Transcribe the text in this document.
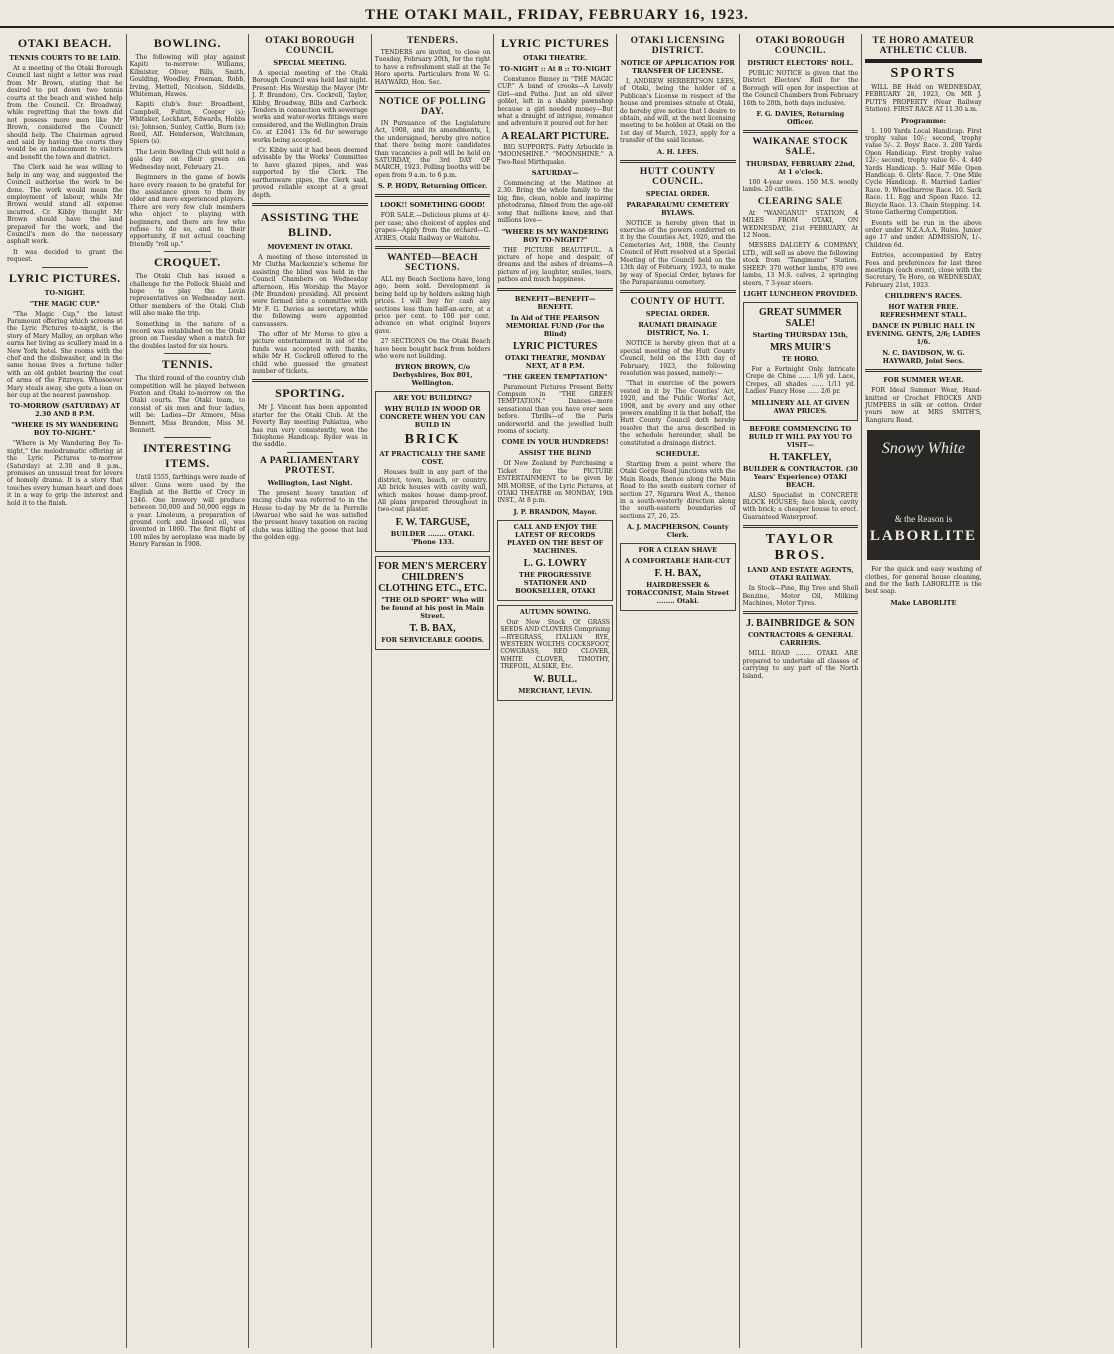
THE OTAKI MAIL, FRIDAY, FEBRUARY 16, 1923.
OTAKI BEACH.
TENNIS COURTS TO BE LAID.

At a meeting of the Otaki Borough Council last night a letter was read from Mr Brown, stating that he desired to put down two tennis courts at the beach and wished help from the Council. Cr. Broadway, while regretting that the town did not possess more men like Mr Brown, considered the Council should help. The Chairman agreed and said by having the courts they would be an inducement to visitors and benefit the town and district.

The Clerk said he was willing to help in any way, and suggested the Council authorise the work to be done. The work would mean the employment of labour, while Mr Brown would stand all expense incurred. Cr. Kibby thought Mr Brown should have the land prepared for the work, and the Council's men do the necessary asphalt work.

It was decided to grant the request.

LYRIC PICTURES.
TO-NIGHT.
"THE MAGIC CUP."

"The Magic Cup," the latest Paramount offering which screens at the Lyric Pictures to-night, is the story of Mary Malloy, an orphan who earns her living as scullery maid in a New York hotel. She rooms with the chef and the dishwasher, and in the same house lives a fortune teller with an old goblet bearing the coat of arms of the Fitzroys. Whosoever Mary steals away, she gets a loan on her cup at the nearest pawnshop.

TO-MORROW (SATURDAY) AT 2.30 AND 8 P.M.
"WHERE IS MY WANDERING BOY TO-NIGHT."

"Where is My Wandering Boy To-night," the melodramatic offering at the Lyric Pictures to-morrow (Saturday) at 2.30 and 8 p.m., promises an unusual treat for lovers of homely drama. It is a story that touches every human heart and does it in a way to grip the interest and hold it to the finish.

BOWLING.

The following will play against Kapiti to-morrow: Williams, Kilmister, Oliver, Bills, Smith, Goulding, Woodley, Freeman, Robb, Irving, Mettell, Nicolson, Siddells, Whiteman, Hawes.

Kapiti club's four: Broadbent, Campbell, Fulton, Cooper (s); Whitaker, Lockhart, Edwards, Hobbs (s); Johnson, Sunley, Cattle, Burn (s); Reed, Alf. Henderson, Watchman, Spiers (s).

The Levin Bowling Club will hold a gala day on their green on Wednesday next, February 21.

Beginners in the game of bowls have every reason to be grateful for the assistance given to them by older and more experienced players. There are very few club members who object to playing with beginners, and there are few who refuse to do so, and to their opportunity, if not actual coaching friendly "roll up."

CROQUET.

The Otaki Club has issued a challenge for the Pollock Shield and hope to play the Levin representatives on Wednesday next. Other members of the Otaki Club will also make the trip.

Something in the nature of a record was established on the Otaki green on Tuesday when a match for the doubles lasted for six hours.

TENNIS.

The third round of the country club competition will be played between Foxton and Otaki to-morrow on the Otaki courts. The Otaki team, to consist of six men and four ladies, will be: Ladies—Dr Atmore, Miss Bennett, Miss Brandon, Miss M. Bennett.

INTERESTING ITEMS.

Until 1555, farthings were made of silver. Guns were used by the English at the Battle of Crecy in 1346. One brewery will produce between 50,000 and 50,000 eggs in a year. Linoleum, a preparation of ground cork and linseed oil, was invented in 1860. The first flight of 100 miles by aeroplane was made by Henry Farman in 1908.

OTAKI BOROUGH COUNCIL
SPECIAL MEETING.

A special meeting of the Otaki Borough Council was held last night. Present: His Worship the Mayor (Mr J. P. Brandon), Crs. Cockrell, Taylor, Kibby, Broadway, Bills and Carbeck. Tenders in connection with sewerage works and water-works fittings were considered, and the Wellington Drain Co. at £2041 13s 6d for sewerage works being accepted.

Cr. Kibby said it had been deemed advisable by the Works' Committee to have glazed pipes, and was supported by the Clerk. The earthenware pipes, the Clerk said, proved reliable except at a great depth.

ASSISTING THE BLIND.
MOVEMENT IN OTAKI.

A meeting of those interested in Mr Clutha Mackenzie's scheme for assisting the blind was held in the Council Chambers on Wednesday afternoon, His Worship the Mayor (Mr Brandon) presiding. All present were formed into a committee with Mr F. G. Davies as secretary, while the following were appointed canvassers.

The offer of Mr Morse to give a picture entertainment in aid of the funds was accepted with thanks, while Mr H. Cockrell offered to the child who guessed the greatest number of tickets.

SPORTING.

Mr J. Vincent has been appointed starter for the Otaki Club. At the Feverty Bay meeting Pahiatua, who has run very consistently, won the Telephone Handicap. Ryder was in the saddle.

A PARLIAMENTARY PROTEST.
Wellington, Last Night.

The present heavy taxation of racing clubs was referred to in the House to-day by Mr de la Perrelle (Awarua) who said he was satisfied the present heavy taxation on racing clubs was killing the goose that laid the golden egg.

TENDERS.

TENDERS are invited, to close on Tuesday, February 20th, for the right to have a refreshment stall at the Te Horo sports. Particulars from W. G. HAYWARD, Hon. Sec.

NOTICE OF POLLING DAY.

IN Pursuance of the Legislature Act, 1908, and its amendments, I, the undersigned, hereby give notice that there being more candidates than vacancies a poll will be held on SATURDAY, the 3rd DAY OF MARCH, 1923. Polling booths will be open from 9 a.m. to 6 p.m.

S. P. HODY, Returning Officer.
LOOK!! SOMETHING GOOD!

FOR SALE.—Delicious plums at 4/- per case; also choicest of apples and grapes—Apply from the orchard—G. AYRES, Otaki Railway or Waitohu.

WANTED—BEACH SECTIONS.

ALL my Beach Sections have, long ago, been sold. Development is being held up by holders asking high prices. I will buy for cash any sections less than half-an-acre, at a price per cent. to 100 per cent. advance on what original buyers gave.

27 SECTIONS On the Otaki Beach have been bought back from holders who were not building.

BYRON BROWN, C/o Derbyshires, Box 801, Wellington.
ARE YOU BUILDING?
WHY BUILD IN WOOD OR CONCRETE WHEN YOU CAN BUILD IN
BRICK
AT PRACTICALLY THE SAME COST.

Houses built in any part of the district, town, beach, or country. All brick houses with cavity wall, which makes house damp-proof. All plans prepared throughout in two-coat plaster.

F. W. TARGUSE,
BUILDER ........ OTAKI. 'Phone 133.
FOR MEN'S MERCERY CHILDREN'S CLOTHING ETC., ETC.
"THE OLD SPORT" Who will be found at his post in Main Street.
T. B. BAX,
FOR SERVICEABLE GOODS.
LYRIC PICTURES
OTAKI THEATRE.
TO-NIGHT :: At 8 :: TO-NIGHT

Constance Binney in "THE MAGIC CUP." A band of crooks—A Lovely Girl—and Pathe. Just an old silver goblet, left in a shabby pawnshop because a girl needed money—But what a draught of intrigue, romance and adventure it poured out for her.

A REALART PICTURE.

BIG SUPPORTS. Fatty Arbuckle in "MOONSHINE." "MOONSHINE." A Two-Reel Mirthquake.

SATURDAY—

Commencing at the Matinee at 2.30. Bring the whole family to the big, fine, clean, noble and inspiring photodrama, filmed from the age-old song that millions know, and that millions love—

"WHERE IS MY WANDERING BOY TO-NIGHT?"

THE PICTURE BEAUTIFUL. A picture of hope and despair, of dreams and the ashes of dreams—A picture of joy, laughter, smiles, tears, pathos and much happiness.

BENEFIT—BENEFIT—BENEFIT.
In Aid of THE PEARSON MEMORIAL FUND (For the Blind)
LYRIC PICTURES
OTAKI THEATRE, MONDAY NEXT, AT 8 P.M.
"THE GREEN TEMPTATION"

Paramount Pictures Present Betty Compson in "THE GREEN TEMPTATION." Dances—more sensational than you have ever seen before. Thrills—of the Paris underworld and the jewelled built rooms of society.

COME IN YOUR HUNDREDS!
ASSIST THE BLIND

Of New Zealand by Purchasing a Ticket for the PICTURE ENTERTAINMENT to be given by MR MORSE, of the Lyric Pictures, at OTAKI THEATRE on MONDAY, 19th INST., At 8 p.m.

J. P. BRANDON, Mayor.
CALL AND ENJOY THE LATEST OF RECORDS PLAYED ON THE BEST OF MACHINES.
L. G. LOWRY
THE PROGRESSIVE STATIONER AND BOOKSELLER, OTAKI
AUTUMN SOWING.

Our New Stock Of GRASS SEEDS AND CLOVERS Comprising—RYEGRASS, ITALIAN RYE, WESTERN WOLTHS COCKSFOOT, COWGRASS, RED CLOVER, WHITE CLOVER, TIMOTHY, TREFOIL, ALSIKE, Etc.

W. BULL.
MERCHANT, LEVIN.
OTAKI LICENSING DISTRICT.
NOTICE OF APPLICATION FOR TRANSFER OF LICENSE.

I, ANDREW HERBERTSON LEES, of Otaki, being the holder of a Publican's License in respect of the house and premises situate at Otaki, do hereby give notice that I desire to obtain, and will, at the next licensing meeting to be holden at Otaki on the 1st day of March, 1923, apply for a transfer of the said license.

A. H. LEES.
HUTT COUNTY COUNCIL.
SPECIAL ORDER.
PARAPARAUMU CEMETERY BYLAWS.

NOTICE is hereby given that in exercise of the powers conferred on it by the Counties Act, 1920, and the Cemeteries Act, 1908, the County Council of Hutt resolved at a Special Meeting of the Council held on the 13th day of February, 1923, to make by way of Special Order, bylaws for the Paraparaumu cemetery.

COUNTY OF HUTT.
SPECIAL ORDER.
RAUMATI DRAINAGE DISTRICT, No. 1.

NOTICE is hereby given that at a special meeting of the Hutt County Council, held on the 13th day of February, 1923, the following resolution was passed, namely:—

"That in exercise of the powers vested in it by The Counties' Act, 1920, and the Public Works' Act, 1908, and by every and any other powers enabling it in that behalf, the Hutt County Council doth hereby resolve that the area described in the schedule hereunder, shall be constituted a drainage district.

SCHEDULE.

Starting from a point where the Otaki Gorge Road junctions with the Main Roads, thence along the Main Road to the south eastern corner of section 27, Ngarara West A., thence in a south-westerly direction along the south-eastern boundaries of sections 27, 26, 25.

A. J. MACPHERSON, County Clerk.
FOR A CLEAN SHAVE
A COMFORTABLE HAIR-CUT
F. H. BAX,
HAIRDRESSER & TOBACCONIST, Main Street ........ Otaki.
OTAKI BOROUGH COUNCIL.
DISTRICT ELECTORS' ROLL.

PUBLIC NOTICE is given that the District Electors' Roll for the Borough will open for inspection at the Council Chambers from February 16th to 20th, both days inclusive.

F. G. DAVIES, Returning Officer.
WAIKANAE STOCK SALE.
THURSDAY, FEBRUARY 22nd, At 1 o'clock.

100 4-year ewes. 150 M.S. woolly lambs. 20 cattle.

CLEARING SALE

At "WANGANUI" STATION, 4 MILES FROM OTAKI, ON WEDNESDAY, 21st FEBRUARY, At 12 Noon.

MESSRS DALGETY & COMPANY, LTD., will sell as above the following stock from "Tangimanu" Station. SHEEP: 370 wether lambs, 870 ewe lambs, 13 M.S. calves, 2 springing steers, 7 3-year steers.

LIGHT LUNCHEON PROVIDED.
GREAT SUMMER SALE!
Starting THURSDAY 15th,
MRS MUIR'S
TE HORO.

For a Fortnight Only. Intricate Crepe de Chine ...... 1/6 yd. Lace, Crepes, all shades ...... 1/11 yd. Ladies' Fancy Hose ...... 2/6 pr.

MILLINERY ALL AT GIVEN AWAY PRICES.
BEFORE COMMENCING TO BUILD IT WILL PAY YOU TO VISIT—
H. TAKFLEY,
BUILDER & CONTRACTOR. (30 Years' Experience) OTAKI BEACH.

ALSO Specialist in CONCRETE BLOCK HOUSES; face block, cavity with brick; a cheaper house to erect. Guaranteed Waterproof.

TAYLOR BROS.
LAND AND ESTATE AGENTS, OTAKI RAILWAY.

In Stock—Pine, Big Tree and Shell Benzine, Motor Oil, Milking Machines, Motor Tyres.

J. BAINBRIDGE & SON
CONTRACTORS & GENERAL CARRIERS.

MILL ROAD ........ OTAKI. ARE prepared to undertake all classes of carrying to any part of the North Island.

TE HORO AMATEUR ATHLETIC CLUB.
SPORTS

WILL BE Held on WEDNESDAY, FEBRUARY 28, 1923, On MR J. PUTI'S PROPERTY (Near Railway Station). FIRST RACE AT 11.30 a.m.

Programme:

1. 100 Yards Local Handicap. First trophy value 10/-; second, trophy value 5/-. 2. Boys' Race. 3. 200 Yards Open Handicap. First trophy value 12/-; second, trophy value 6/-. 4. 440 Yards Handicap. 5. Half Mile Open Handicap. 6. Girls' Race. 7. One Mile Cycle Handicap. 8. Married Ladies' Race. 9. Wheelbarrow Race. 10. Sack Race. 11. Egg and Spoon Race. 12. Bicycle Race. 13. Chain Stepping. 14. Stone Gathering Competition.

Events will be run in the above order under N.Z.A.A.A. Rules. Junior age 17 and under. ADMISSION, 1/-. Children 6d.

Entries, accompanied by Entry Fees and preferences for last three meetings (each event), close with the Secretary, Te Horo, on WEDNESDAY, February 21st, 1923.

CHILDREN'S RACES.
HOT WATER FREE. REFRESHMENT STALL.
DANCE IN PUBLIC HALL IN EVENING. GENTS, 2/6; LADIES 1/6.
N. C. DAVIDSON, W. G. HAYWARD, Joint Secs.
FOR SUMMER WEAR.

FOR Ideal Summer Wear, Hand-knitted or Crochet FROCKS AND JUMPERS in silk or cotton. Order yours now at MRS SMITH'S, Rangiuru Road.

Snowy White
& the Reason is
LABORLITE

For the quick and easy washing of clothes, for general house cleaning, and for the bath LABORLITE is the best soap.

Make LABORLITE
